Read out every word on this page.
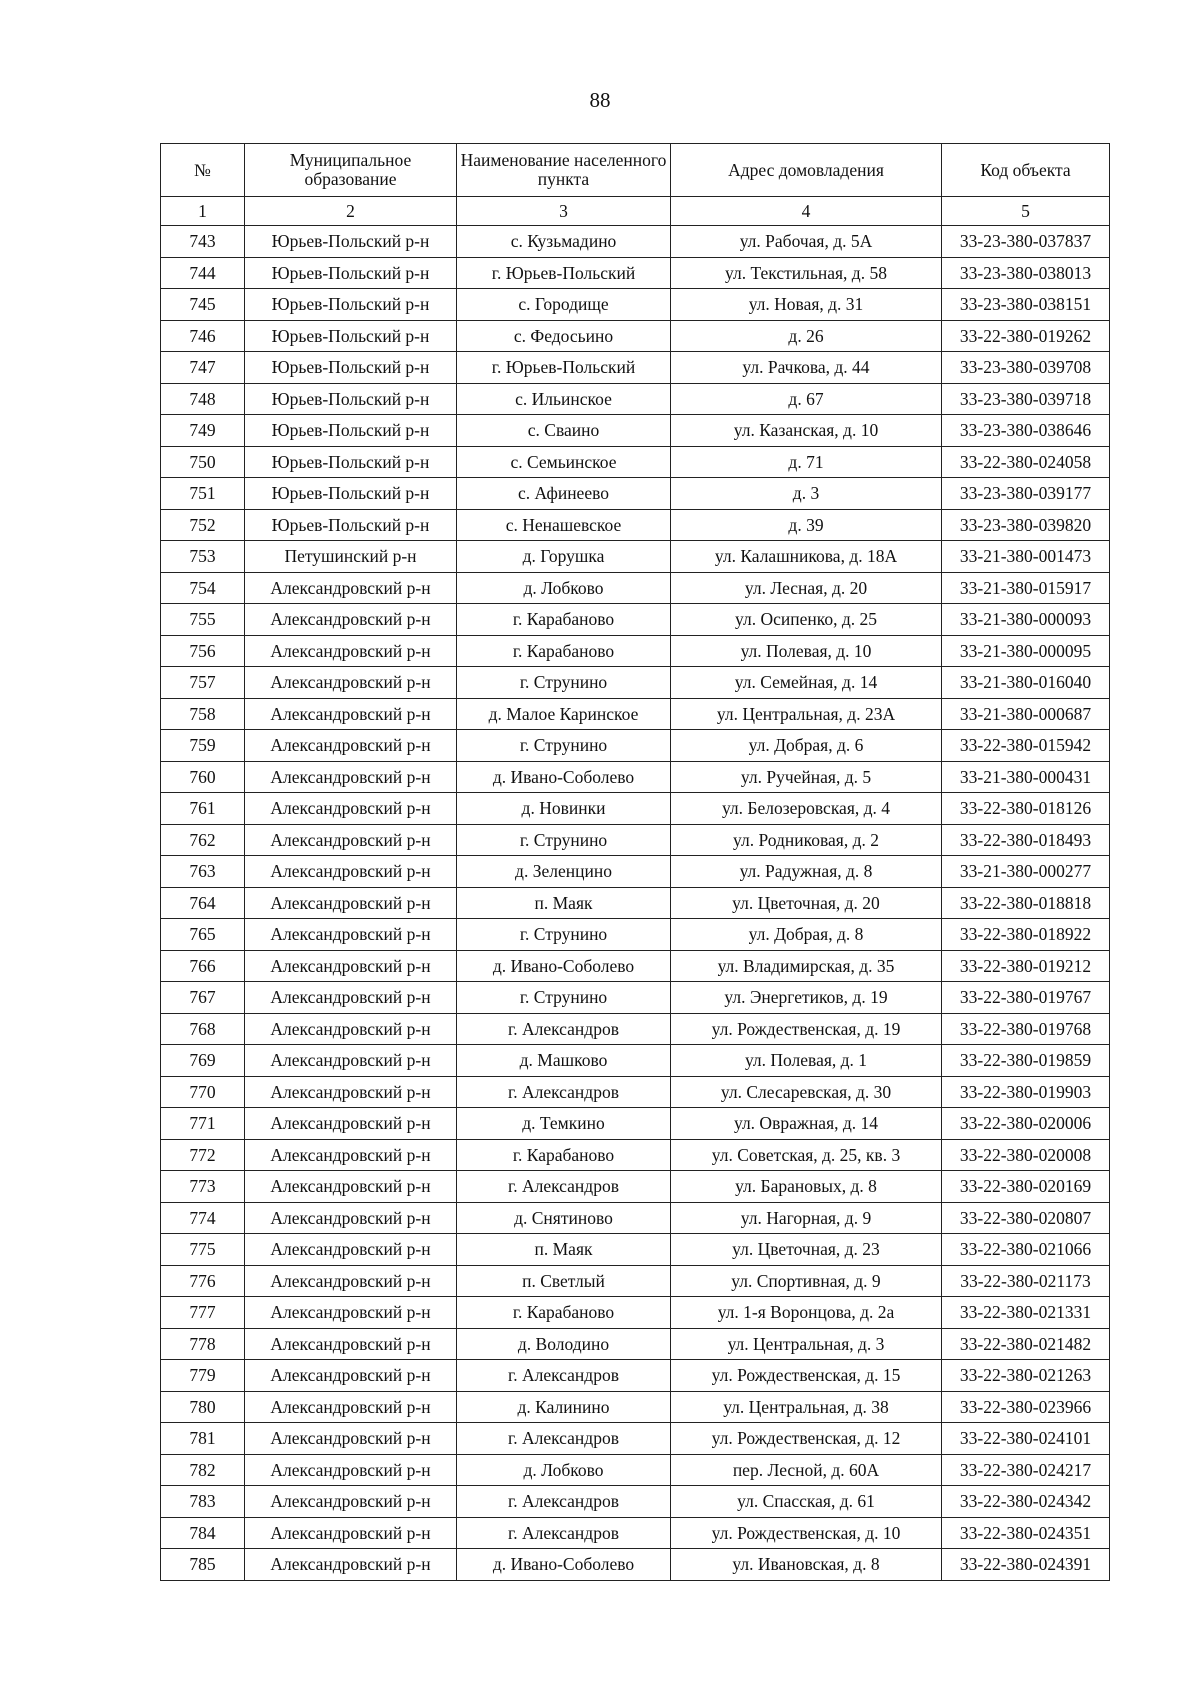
88
№	Муниципальное образование	Наименование населенного пункта	Адрес домовладения	Код объекта
1	2	3	4	5
743	Юрьев-Польский р-н	с. Кузьмадино	ул. Рабочая, д. 5А	33-23-380-037837
744	Юрьев-Польский р-н	г. Юрьев-Польский	ул. Текстильная, д. 58	33-23-380-038013
745	Юрьев-Польский р-н	с. Городище	ул. Новая, д. 31	33-23-380-038151
746	Юрьев-Польский р-н	с. Федосьино	д. 26	33-22-380-019262
747	Юрьев-Польский р-н	г. Юрьев-Польский	ул. Рачкова, д. 44	33-23-380-039708
748	Юрьев-Польский р-н	с. Ильинское	д. 67	33-23-380-039718
749	Юрьев-Польский р-н	с. Сваино	ул. Казанская, д. 10	33-23-380-038646
750	Юрьев-Польский р-н	с. Семьинское	д. 71	33-22-380-024058
751	Юрьев-Польский р-н	с. Афинеево	д. 3	33-23-380-039177
752	Юрьев-Польский р-н	с. Ненашевское	д. 39	33-23-380-039820
753	Петушинский р-н	д. Горушка	ул. Калашникова, д. 18А	33-21-380-001473
754	Александровский р-н	д. Лобково	ул. Лесная, д. 20	33-21-380-015917
755	Александровский р-н	г. Карабаново	ул. Осипенко, д. 25	33-21-380-000093
756	Александровский р-н	г. Карабаново	ул. Полевая, д. 10	33-21-380-000095
757	Александровский р-н	г. Струнино	ул. Семейная, д. 14	33-21-380-016040
758	Александровский р-н	д. Малое Каринское	ул. Центральная, д. 23А	33-21-380-000687
759	Александровский р-н	г. Струнино	ул. Добрая, д. 6	33-22-380-015942
760	Александровский р-н	д. Ивано-Соболево	ул. Ручейная, д. 5	33-21-380-000431
761	Александровский р-н	д. Новинки	ул. Белозеровская, д. 4	33-22-380-018126
762	Александровский р-н	г. Струнино	ул. Родниковая, д. 2	33-22-380-018493
763	Александровский р-н	д. Зеленцино	ул. Радужная, д. 8	33-21-380-000277
764	Александровский р-н	п. Маяк	ул. Цветочная, д. 20	33-22-380-018818
765	Александровский р-н	г. Струнино	ул. Добрая, д. 8	33-22-380-018922
766	Александровский р-н	д. Ивано-Соболево	ул. Владимирская, д. 35	33-22-380-019212
767	Александровский р-н	г. Струнино	ул. Энергетиков, д. 19	33-22-380-019767
768	Александровский р-н	г. Александров	ул. Рождественская, д. 19	33-22-380-019768
769	Александровский р-н	д. Машково	ул. Полевая, д. 1	33-22-380-019859
770	Александровский р-н	г. Александров	ул. Слесаревская, д. 30	33-22-380-019903
771	Александровский р-н	д. Темкино	ул. Овражная, д. 14	33-22-380-020006
772	Александровский р-н	г. Карабаново	ул. Советская, д. 25, кв. 3	33-22-380-020008
773	Александровский р-н	г. Александров	ул. Барановых, д. 8	33-22-380-020169
774	Александровский р-н	д. Снятиново	ул. Нагорная, д. 9	33-22-380-020807
775	Александровский р-н	п. Маяк	ул. Цветочная, д. 23	33-22-380-021066
776	Александровский р-н	п. Светлый	ул. Спортивная, д. 9	33-22-380-021173
777	Александровский р-н	г. Карабаново	ул. 1-я Воронцова, д. 2а	33-22-380-021331
778	Александровский р-н	д. Володино	ул. Центральная, д. 3	33-22-380-021482
779	Александровский р-н	г. Александров	ул. Рождественская, д. 15	33-22-380-021263
780	Александровский р-н	д. Калинино	ул. Центральная, д. 38	33-22-380-023966
781	Александровский р-н	г. Александров	ул. Рождественская, д. 12	33-22-380-024101
782	Александровский р-н	д. Лобково	пер. Лесной, д. 60А	33-22-380-024217
783	Александровский р-н	г. Александров	ул. Спасская, д. 61	33-22-380-024342
784	Александровский р-н	г. Александров	ул. Рождественская, д. 10	33-22-380-024351
785	Александровский р-н	д. Ивано-Соболево	ул. Ивановская, д. 8	33-22-380-024391
